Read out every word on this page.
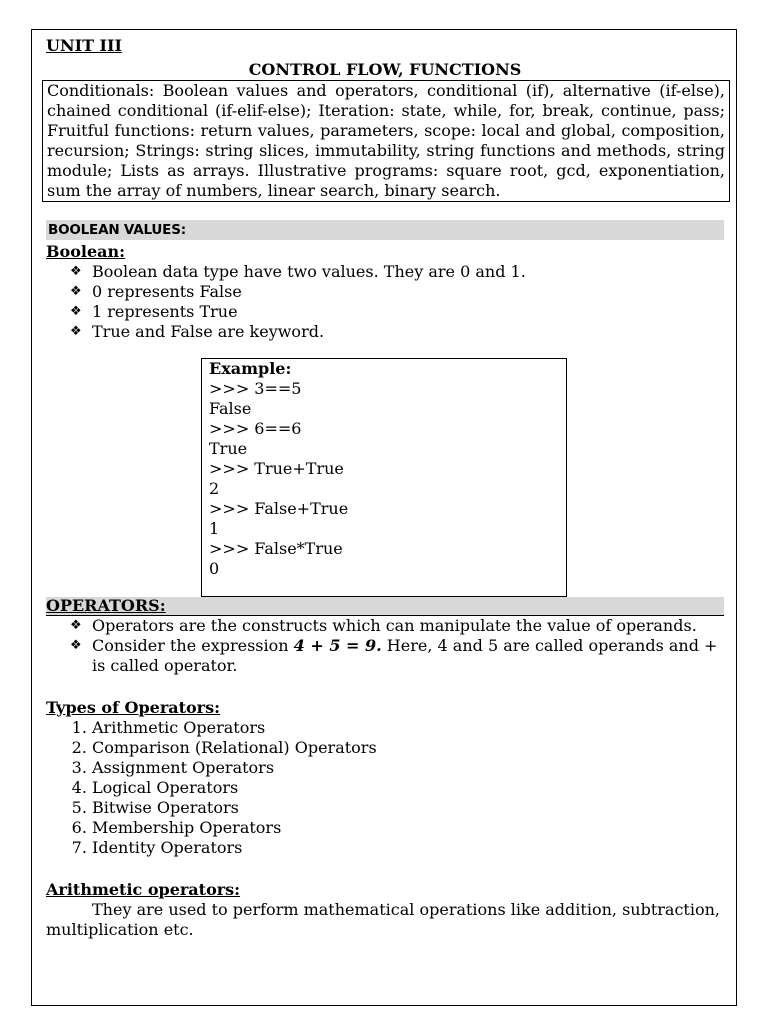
UNIT III

CONTROL FLOW, FUNCTIONS

Conditionals: Boolean values and operators, conditional (if), alternative (if-else), chained conditional (if-elif-else); Iteration: state, while, for, break, continue, pass; Fruitful functions: return values, parameters, scope: local and global, composition, recursion; Strings: string slices, immutability, string functions and methods, string module; Lists as arrays. Illustrative programs: square root, gcd, exponentiation, sum the array of numbers, linear search, binary search.
BOOLEAN VALUES:

Boolean:

❖ Boolean data type have two values. They are 0 and 1.
❖ 0 represents False
❖ 1 represents True
❖ True and False are keyword.
Example:
>>> 3==5
False
>>> 6==6
True
>>> True+True
2
>>> False+True
1
>>> False*True
0
OPERATORS:
❖ Operators are the constructs which can manipulate the value of operands.
❖ Consider the expression 4 + 5 = 9. Here, 4 and 5 are called operands and + is called operator.

Types of Operators:

1. Arithmetic Operators
2. Comparison (Relational) Operators
3. Assignment Operators
4. Logical Operators
5. Bitwise Operators
6. Membership Operators
7. Identity Operators

Arithmetic operators:

They are used to perform mathematical operations like addition, subtraction, multiplication etc.
